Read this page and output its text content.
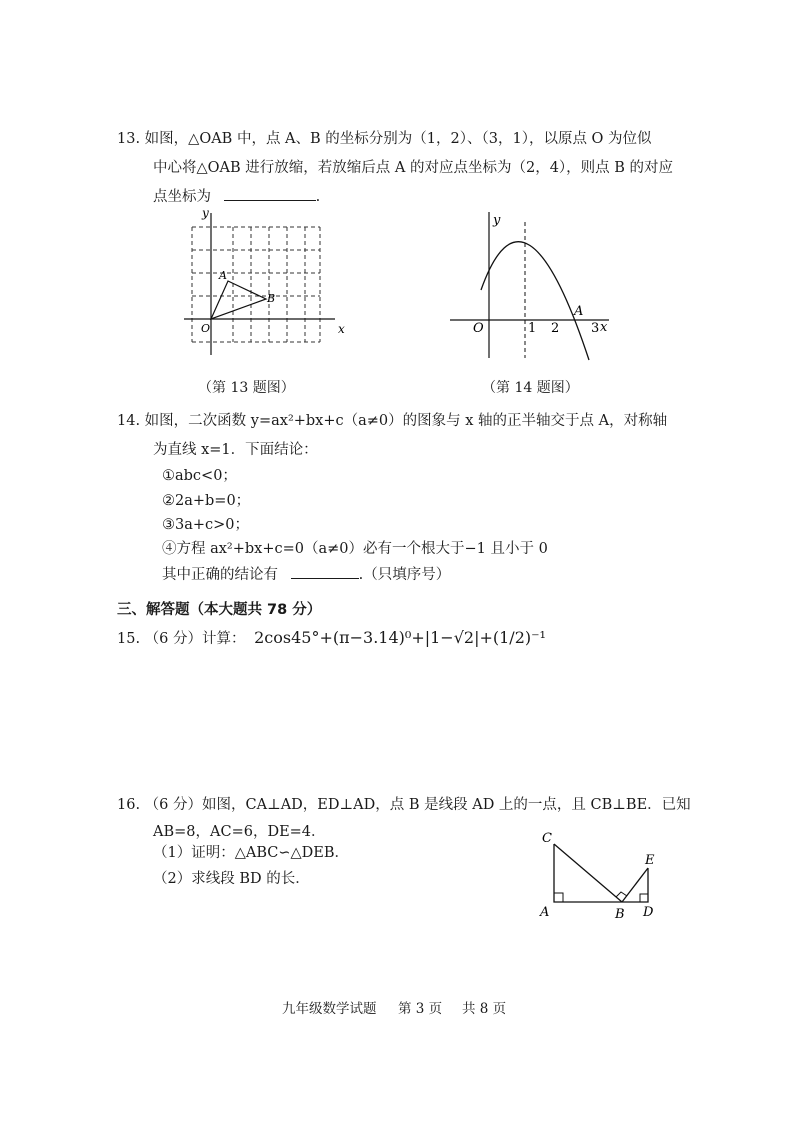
13. 如图，△OAB 中，点 A、B 的坐标分别为（1，2）、（3，1），以原点 O 为位似
中心将△OAB 进行放缩，若放缩后点 A 的对应点坐标为（2，4），则点 B 的对应
点坐标为	.
y
x
O
A
B
y
x
O	1 2 3
A
（第 13 题图）	（第 14 题图）
14. 如图，二次函数 y=ax²+bx+c（a≠0）的图象与 x 轴的正半轴交于点 A，对称轴
为直线 x=1．下面结论：
①abc<0；
②2a+b=0；
③3a+c>0；
④方程 ax²+bx+c=0（a≠0）必有一个根大于−1 且小于 0
其中正确的结论有	.（只填序号）
三、解答题（本大题共 78 分）
15. （6 分）计算： 2cos45°+(π−3.14)⁰+|1−√2|+(1/2)⁻¹
16. （6 分）如图，CA⊥AD，ED⊥AD，点 B 是线段 AD 上的一点，且 CB⊥BE．已知
AB=8，AC=6，DE=4．
（1）证明：△ABC∽△DEB．
（2）求线段 BD 的长．
C
E
A	B D
九年级数学试题 第 3 页 共 8 页
